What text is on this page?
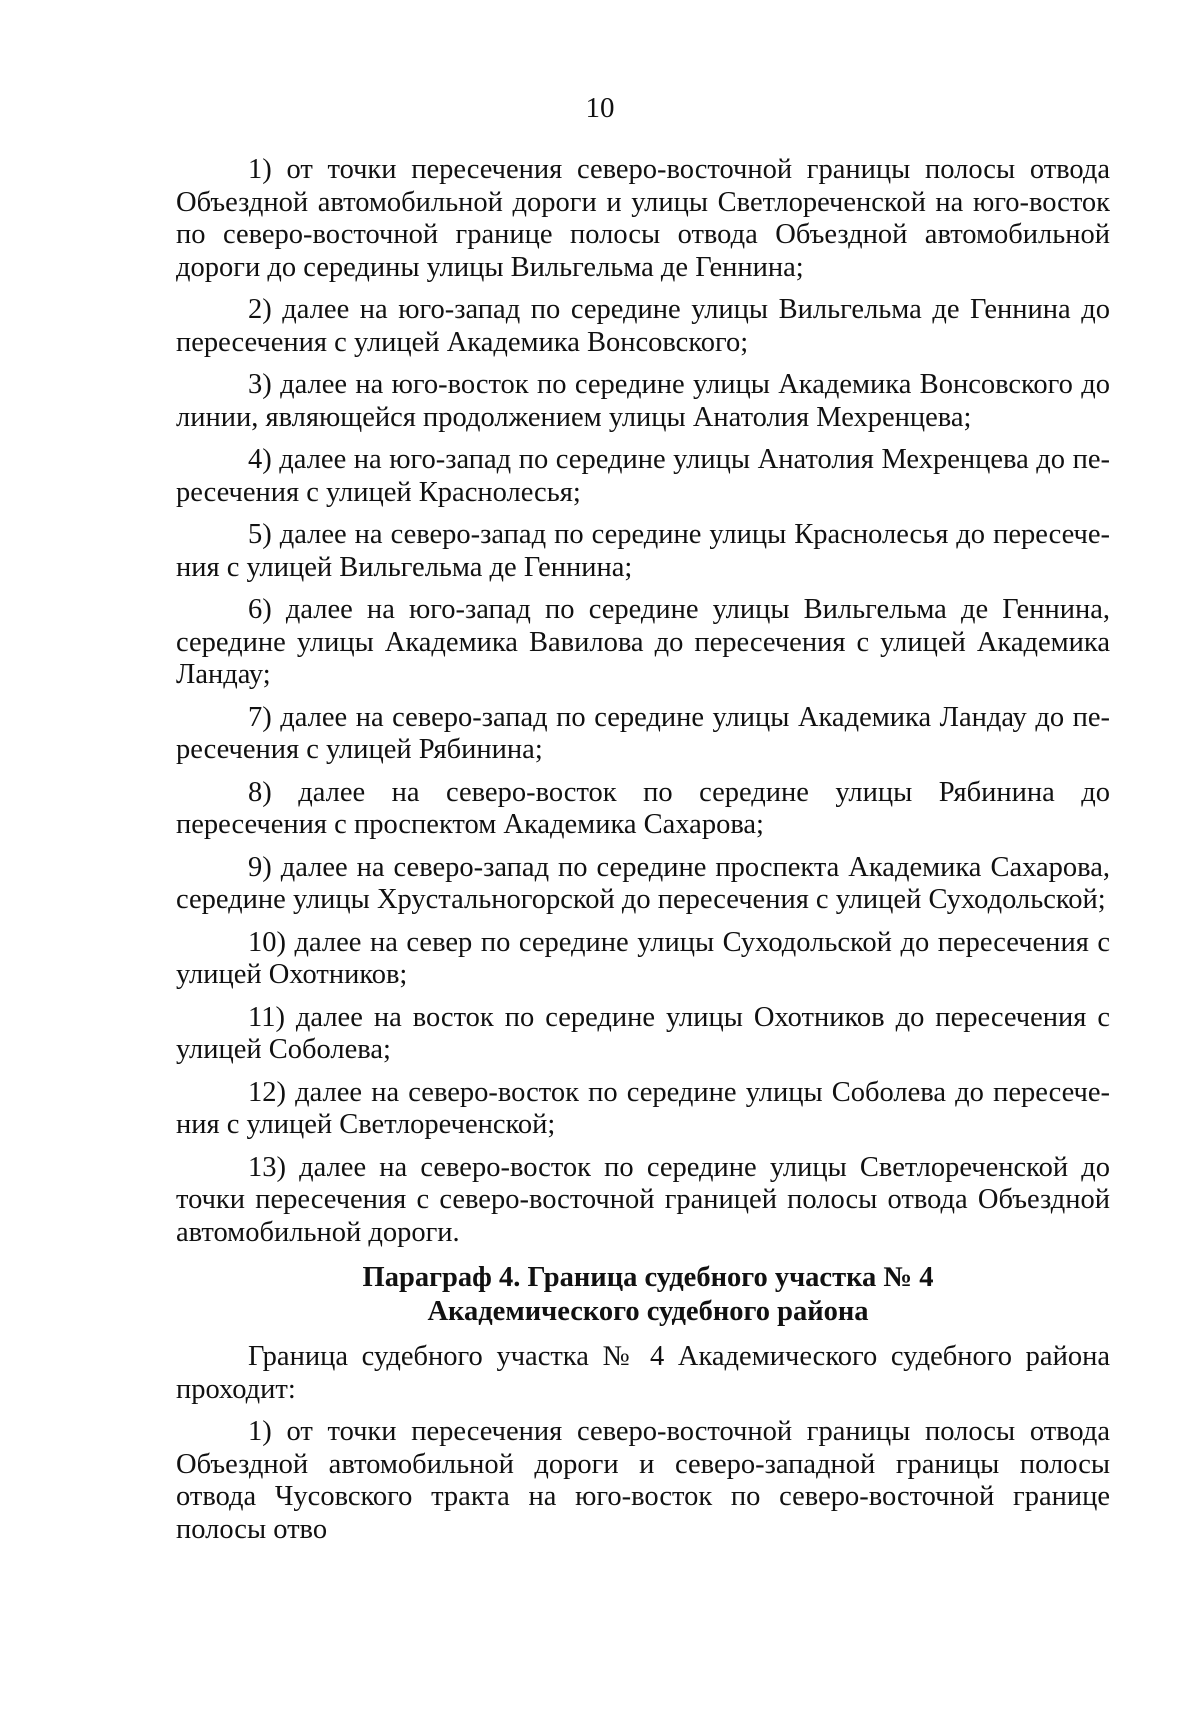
10

1) от точки пересечения северо-восточной границы полосы отвода Объездной автомобильной дороги и улицы Светлореченской на юго-восток по северо-восточной границе полосы отвода Объездной автомобильной дороги до середины улицы Вильгельма де Геннина;

2) далее на юго-запад по середине улицы Вильгельма де Геннина до пересечения с улицей Академика Вонсовского;

3) далее на юго-восток по середине улицы Академика Вонсовского до линии, являющейся продолжением улицы Анатолия Мехренцева;

4) далее на юго-запад по середине улицы Анатолия Мехренцева до пересечения с улицей Краснолесья;

5) далее на северо-запад по середине улицы Краснолесья до пересечения с улицей Вильгельма де Геннина;

6) далее на юго-запад по середине улицы Вильгельма де Геннина, середине улицы Академика Вавилова до пересечения с улицей Академика Ландау;

7) далее на северо-запад по середине улицы Академика Ландау до пересечения с улицей Рябинина;

8) далее на северо-восток по середине улицы Рябинина до пересечения с проспектом Академика Сахарова;

9) далее на северо-запад по середине проспекта Академика Сахарова, середине улицы Хрустальногорской до пересечения с улицей Суходольской;

10) далее на север по середине улицы Суходольской до пересечения с улицей Охотников;

11) далее на восток по середине улицы Охотников до пересечения с улицей Соболева;

12) далее на северо-восток по середине улицы Соболева до пересечения с улицей Светлореченской;

13) далее на северо-восток по середине улицы Светлореченской до точки пересечения с северо-восточной границей полосы отвода Объездной автомобильной дороги.

Параграф 4. Граница судебного участка № 4
Академического судебного района

Граница судебного участка № 4 Академического судебного района проходит:

1) от точки пересечения северо-восточной границы полосы отвода Объездной автомобильной дороги и северо-западной границы полосы отвода Чусовского тракта на юго-восток по северо-восточной границе полосы отво
